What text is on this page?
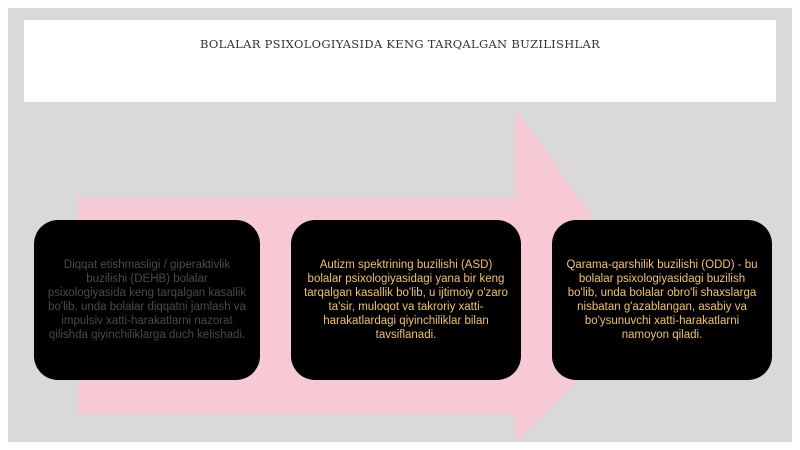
BOLALAR PSIXOLOGIYASIDA KENG TARQALGAN BUZILISHLAR
Diqqat etishmasligi / giperaktivlik buzilishi (DEHB) bolalar psixologiyasida keng tarqalgan kasallik bo'lib, unda bolalar diqqatni jamlash va impulsiv xatti-harakatlarni nazorat qilishda qiyinchiliklarga duch kelishadi.
Autizm spektrining buzilishi (ASD) bolalar psixologiyasidagi yana bir keng tarqalgan kasallik bo'lib, u ijtimoiy o'zaro ta'sir, muloqot va takroriy xatti-harakatlardagi qiyinchiliklar bilan tavsiflanadi.
Qarama-qarshilik buzilishi (ODD) - bu bolalar psixologiyasidagi buzilish bo'lib, unda bolalar obro'li shaxslarga nisbatan g'azablangan, asabiy va bo'ysunuvchi xatti-harakatlarni namoyon qiladi.
